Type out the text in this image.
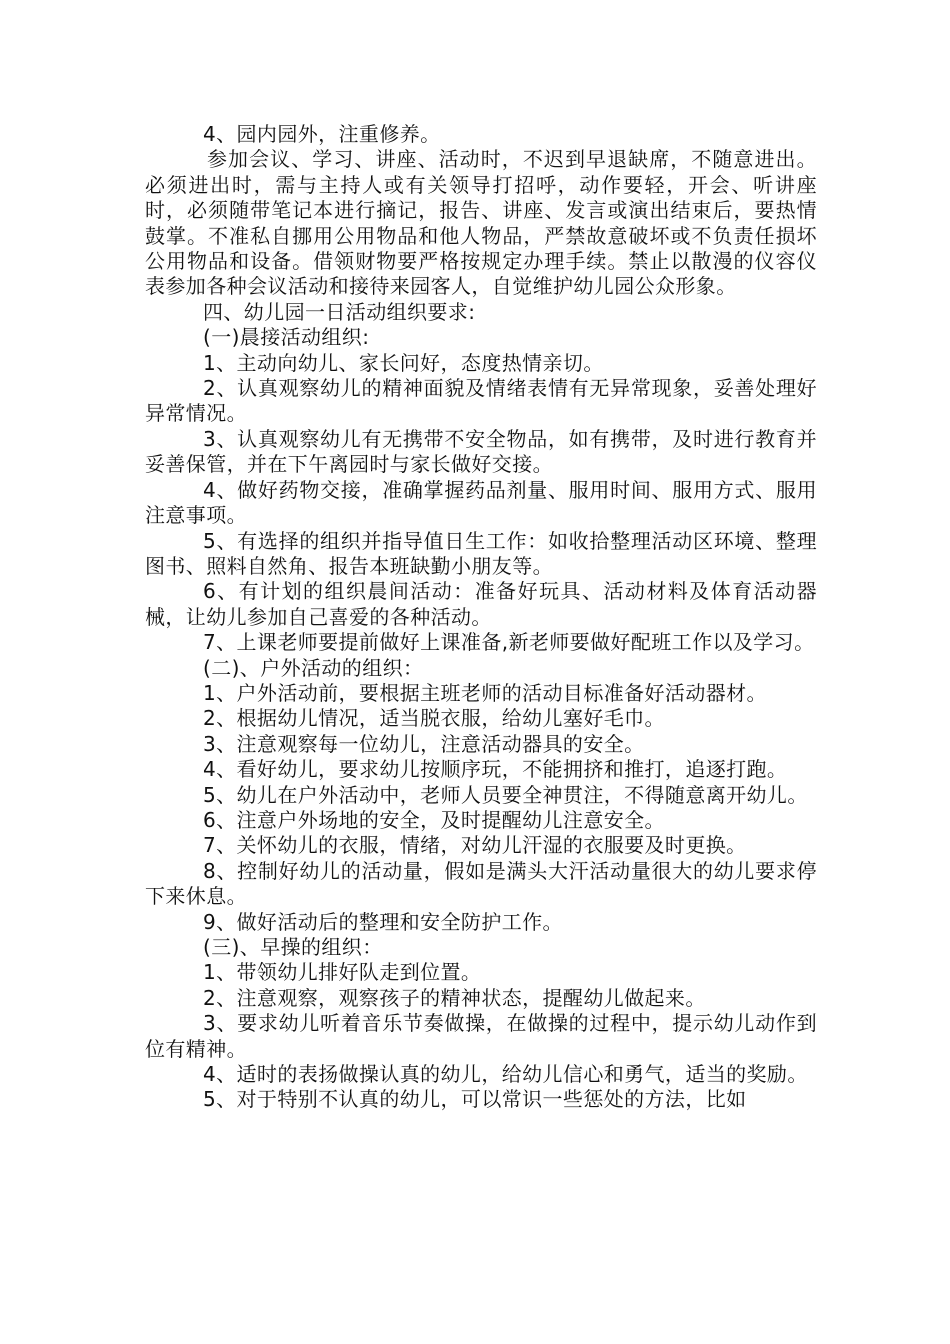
4、园内园外，注重修养。

参加会议、学习、讲座、活动时，不迟到早退缺席，不随意进出。必须进出时，需与主持人或有关领导打招呼，动作要轻，开会、听讲座时，必须随带笔记本进行摘记，报告、讲座、发言或演出结束后，要热情鼓掌。不准私自挪用公用物品和他人物品，严禁故意破坏或不负责任损坏公用物品和设备。借领财物要严格按规定办理手续。禁止以散漫的仪容仪表参加各种会议活动和接待来园客人，自觉维护幼儿园公众形象。

四、幼儿园一日活动组织要求:

(一)晨接活动组织:

1、主动向幼儿、家长问好，态度热情亲切。

2、认真观察幼儿的精神面貌及情绪表情有无异常现象，妥善处理好异常情况。

3、认真观察幼儿有无携带不安全物品，如有携带，及时进行教育并妥善保管，并在下午离园时与家长做好交接。

4、做好药物交接，准确掌握药品剂量、服用时间、服用方式、服用注意事项。

5、有选择的组织并指导值日生工作：如收拾整理活动区环境、整理图书、照料自然角、报告本班缺勤小朋友等。

6、有计划的组织晨间活动：准备好玩具、活动材料及体育活动器械，让幼儿参加自己喜爱的各种活动。

7、上课老师要提前做好上课准备,新老师要做好配班工作以及学习。

(二)、户外活动的组织：

1、户外活动前，要根据主班老师的活动目标准备好活动器材。

2、根据幼儿情况，适当脱衣服，给幼儿塞好毛巾。

3、注意观察每一位幼儿，注意活动器具的安全。

4、看好幼儿，要求幼儿按顺序玩，不能拥挤和推打，追逐打跑。

5、幼儿在户外活动中，老师人员要全神贯注，不得随意离开幼儿。

6、注意户外场地的安全，及时提醒幼儿注意安全。

7、关怀幼儿的衣服，情绪，对幼儿汗湿的衣服要及时更换。

8、控制好幼儿的活动量，假如是满头大汗活动量很大的幼儿要求停下来休息。

9、做好活动后的整理和安全防护工作。

(三)、早操的组织：

1、带领幼儿排好队走到位置。

2、注意观察，观察孩子的精神状态，提醒幼儿做起来。

3、要求幼儿听着音乐节奏做操，在做操的过程中，提示幼儿动作到位有精神。

4、适时的表扬做操认真的幼儿，给幼儿信心和勇气，适当的奖励。

5、对于特别不认真的幼儿，可以常识一些惩处的方法，比如
